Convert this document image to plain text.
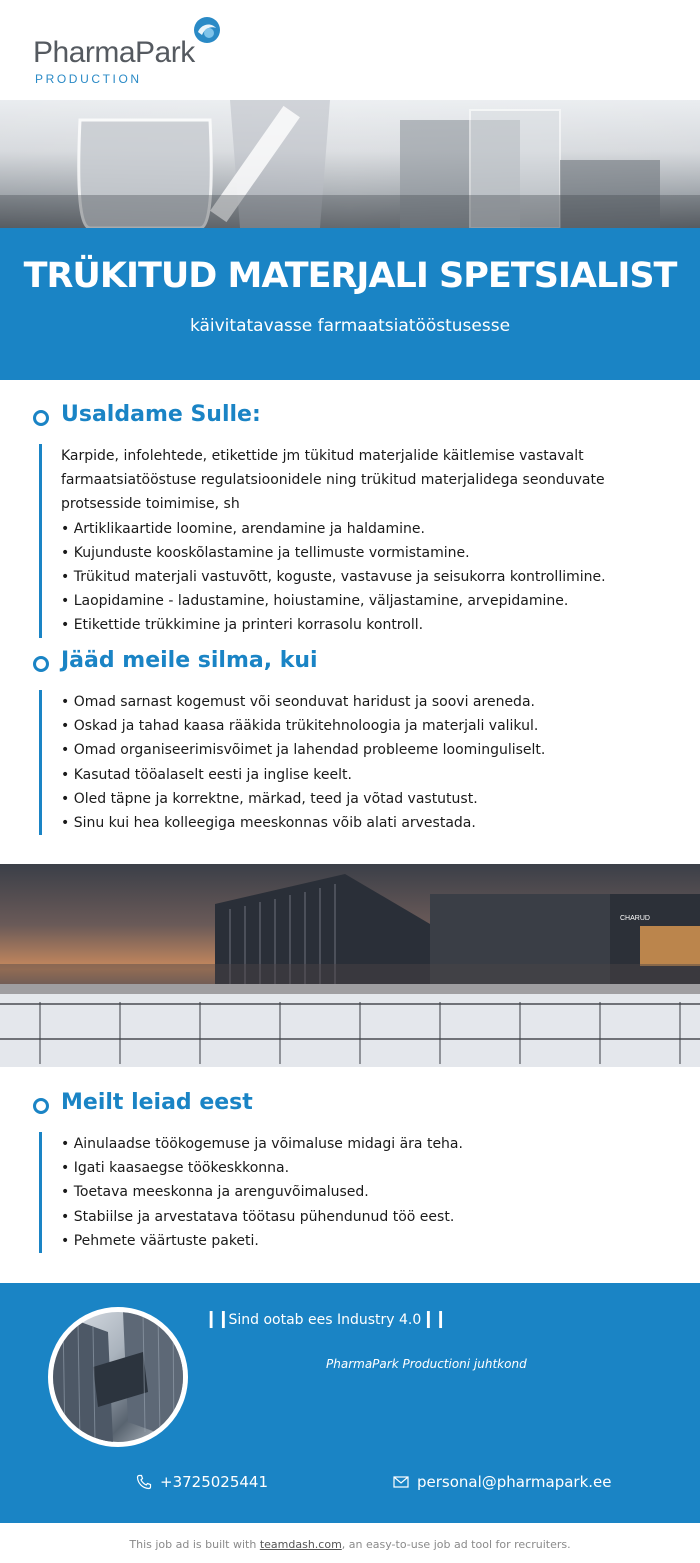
PharmaPark
PRODUCTION
TRÜKITUD MATERJALI SPETSIALIST
käivitatavasse farmaatsiatööstusesse
Usaldame Sulle:

Karpide, infolehtede, etikettide jm tükitud materjalide käitlemise vastavalt farmaatsiatööstuse regulatsioonidele ning trükitud materjalidega seonduvate protsesside toimimise, sh

• Artiklikaartide loomine, arendamine ja haldamine.
• Kujunduste kooskõlastamine ja tellimuste vormistamine.
• Trükitud materjali vastuvõtt, koguste, vastavuse ja seisukorra kontrollimine.
• Laopidamine - ladustamine, hoiustamine, väljastamine, arvepidamine.
• Etikettide trükkimine ja printeri korrasolu kontroll.
Jääd meile silma, kui
• Omad sarnast kogemust või seonduvat haridust ja soovi areneda.
• Oskad ja tahad kaasa rääkida trükitehnoloogia ja materjali valikul.
• Omad organiseerimisvõimet ja lahendad probleeme loominguliselt.
• Kasutad tööalaselt eesti ja inglise keelt.
• Oled täpne ja korrektne, märkad, teed ja võtad vastutust.
• Sinu kui hea kolleegiga meeskonnas võib alati arvestada.
CHARUD
Meilt leiad eest
• Ainulaadse töökogemuse ja võimaluse midagi ära teha.
• Igati kaasaegse töökeskkonna.
• Toetava meeskonna ja arenguvõimalused.
• Stabiilse ja arvestatava töötasu pühendunud töö eest.
• Pehmete väärtuste paketi.
❙❙Sind ootab ees Industry 4.0❙❙
PharmaPark Productioni juhtkond
+3725025441	personal@pharmapark.ee
This job ad is built with teamdash.com, an easy-to-use job ad tool for recruiters.
